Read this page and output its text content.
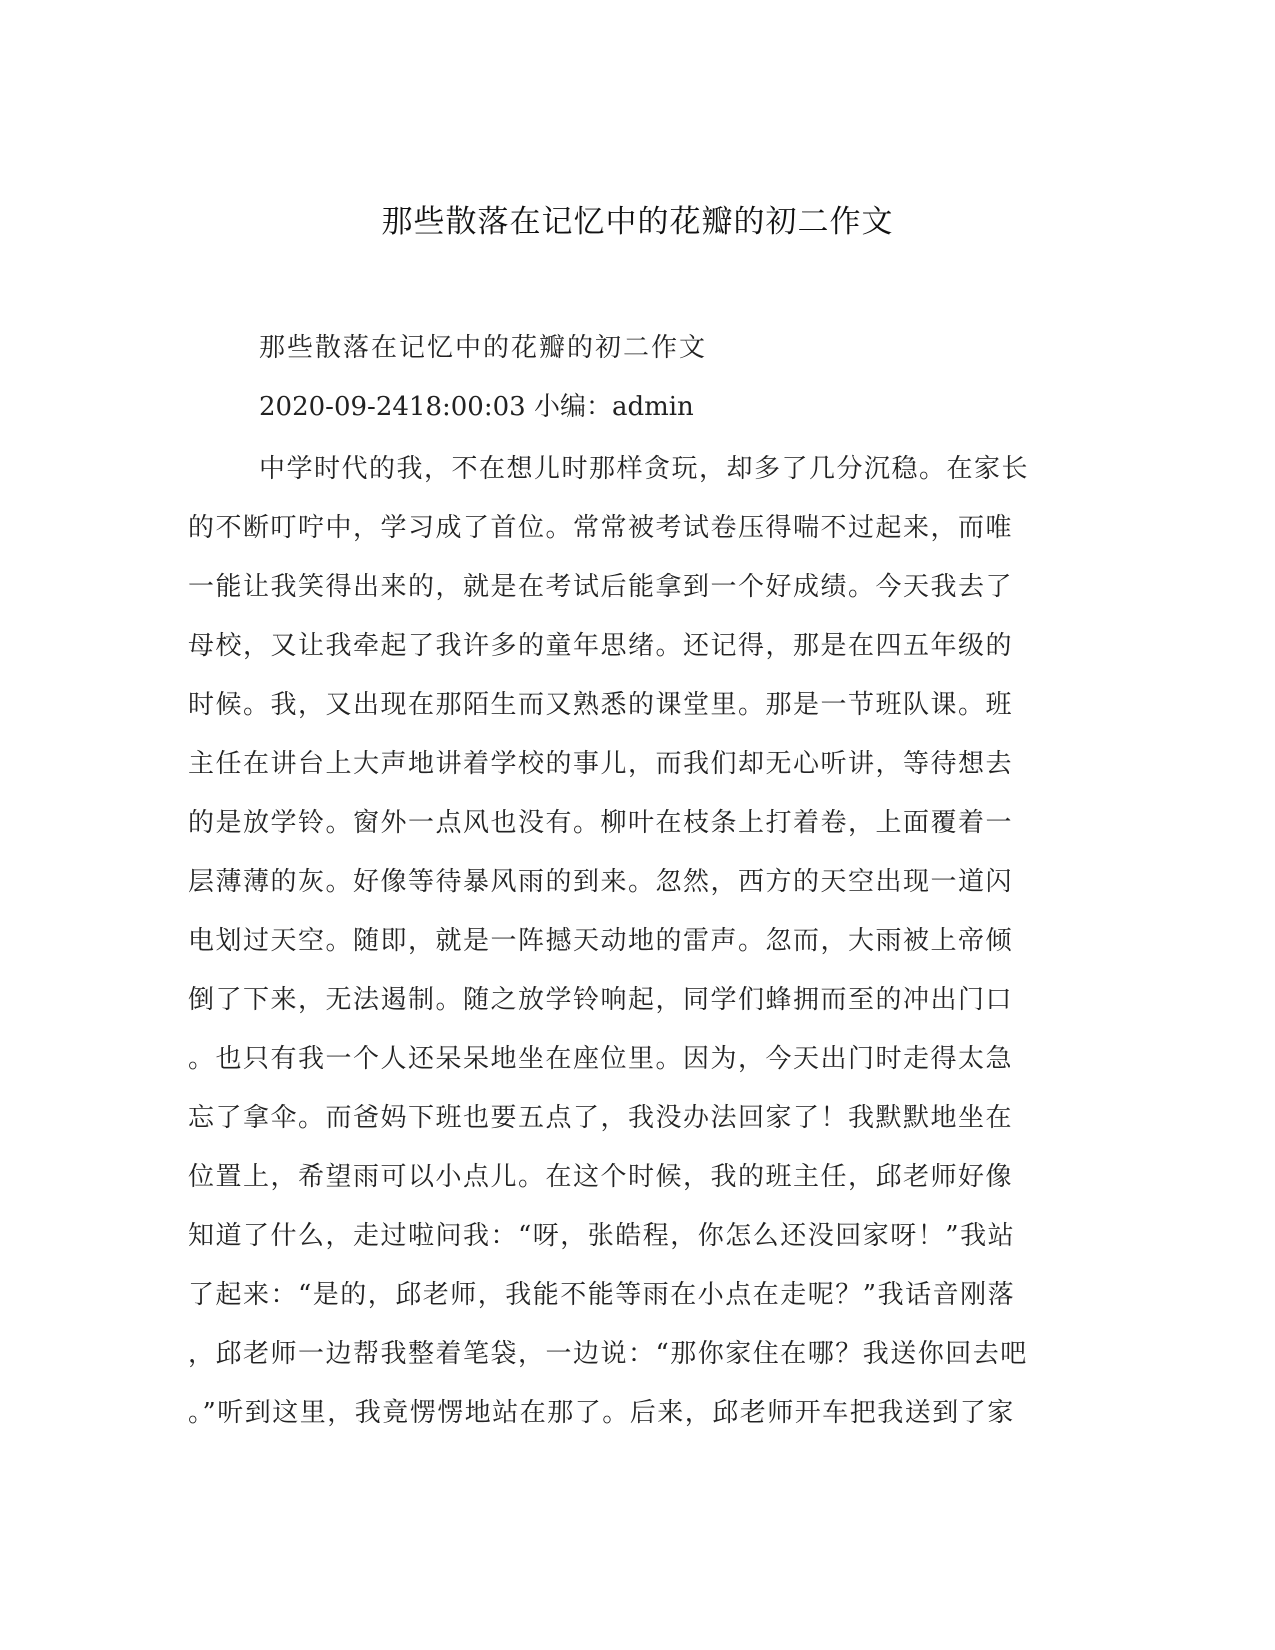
那些散落在记忆中的花瓣的初二作文
那些散落在记忆中的花瓣的初二作文
2020-09-2418:00:03 小编：admin
中学时代的我，不在想儿时那样贪玩，却多了几分沉稳。在家长
的不断叮咛中，学习成了首位。常常被考试卷压得喘不过起来，而唯
一能让我笑得出来的，就是在考试后能拿到一个好成绩。今天我去了
母校，又让我牵起了我许多的童年思绪。还记得，那是在四五年级的
时候。我，又出现在那陌生而又熟悉的课堂里。那是一节班队课。班
主任在讲台上大声地讲着学校的事儿，而我们却无心听讲，等待想去
的是放学铃。窗外一点风也没有。柳叶在枝条上打着卷，上面覆着一
层薄薄的灰。好像等待暴风雨的到来。忽然，西方的天空出现一道闪
电划过天空。随即，就是一阵撼天动地的雷声。忽而，大雨被上帝倾
倒了下来，无法遏制。随之放学铃响起，同学们蜂拥而至的冲出门口
。也只有我一个人还呆呆地坐在座位里。因为，今天出门时走得太急
忘了拿伞。而爸妈下班也要五点了，我没办法回家了！我默默地坐在
位置上，希望雨可以小点儿。在这个时候，我的班主任，邱老师好像
知道了什么，走过啦问我：“呀，张皓程，你怎么还没回家呀！”我站
了起来：“是的，邱老师，我能不能等雨在小点在走呢？”我话音刚落
，邱老师一边帮我整着笔袋，一边说：“那你家住在哪？我送你回去吧
。”听到这里，我竟愣愣地站在那了。后来，邱老师开车把我送到了家
